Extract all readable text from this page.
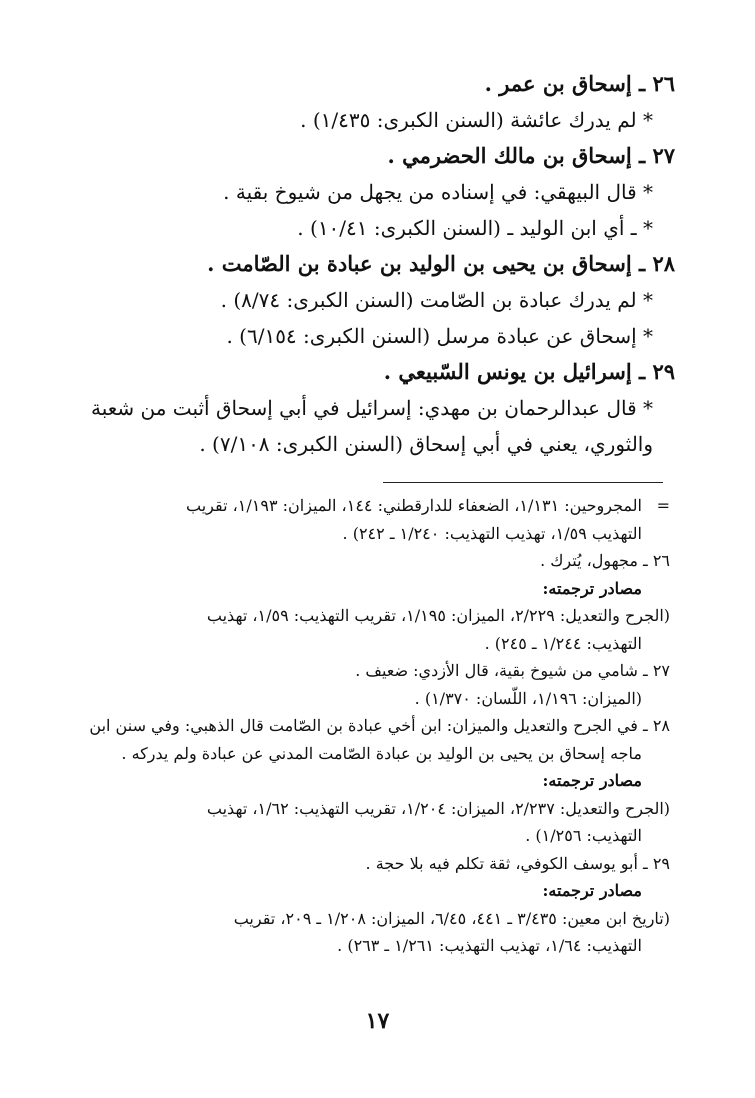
٢٦ ـ إسحاق بن عمر .
* لم يدرك عائشة (السنن الكبرى: ١/٤٣٥) .
٢٧ ـ إسحاق بن مالك الحضرمي .
* قال البيهقي: في إسناده من يجهل من شيوخ بقية .
* ـ أي ابن الوليد ـ (السنن الكبرى: ١٠/٤١) .
٢٨ ـ إسحاق بن يحيى بن الوليد بن عبادة بن الصّامت .
* لم يدرك عبادة بن الصّامت (السنن الكبرى: ٨/٧٤) .
* إسحاق عن عبادة مرسل (السنن الكبرى: ٦/١٥٤) .
٢٩ ـ إسرائيل بن يونس السّبيعي .
* قال عبدالرحمان بن مهدي: إسرائيل في أبي إسحاق أثبت من شعبة
والثوري، يعني في أبي إسحاق (السنن الكبرى: ٧/١٠٨) .
=
المجروحين: ١/١٣١، الضعفاء للدارقطني: ١٤٤، الميزان: ١/١٩٣، تقريب
التهذيب ١/٥٩، تهذيب التهذيب: ١/٢٤٠ ـ ٢٤٢) .
٢٦ ـ مجهول، يُترك .
مصادر ترجمته:
(الجرح والتعديل: ٢/٢٢٩، الميزان: ١/١٩٥، تقريب التهذيب: ١/٥٩، تهذيب
التهذيب: ١/٢٤٤ ـ ٢٤٥) .
٢٧ ـ شامي من شيوخ بقية، قال الأزدي: ضعيف .
(الميزان: ١/١٩٦، اللّسان: ١/٣٧٠) .
٢٨ ـ في الجرح والتعديل والميزان: ابن أخي عبادة بن الصّامت قال الذهبي: وفي سنن ابن
ماجه إسحاق بن يحيى بن الوليد بن عبادة الصّامت المدني عن عبادة ولم يدركه .
مصادر ترجمته:
(الجرح والتعديل: ٢/٢٣٧، الميزان: ١/٢٠٤، تقريب التهذيب: ١/٦٢، تهذيب
التهذيب: ١/٢٥٦) .
٢٩ ـ أبو يوسف الكوفي، ثقة تكلم فيه بلا حجة .
مصادر ترجمته:
(تاريخ ابن معين: ٣/٤٣٥ ـ ٤٤١، ٦/٤٥، الميزان: ١/٢٠٨ ـ ٢٠٩، تقريب
التهذيب: ١/٦٤، تهذيب التهذيب: ١/٢٦١ ـ ٢٦٣) .
١٧
